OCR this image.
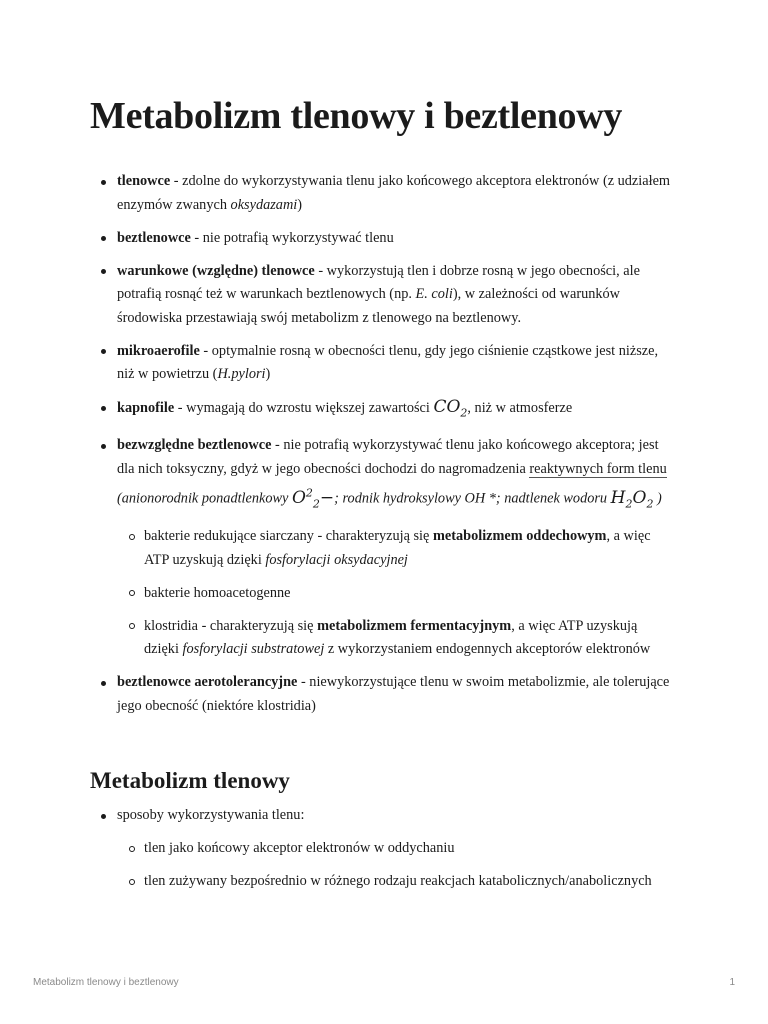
Metabolizm tlenowy i beztlenowy
tlenowce - zdolne do wykorzystywania tlenu jako końcowego akceptora elektronów (z udziałem enzymów zwanych oksydazami)
beztlenowce - nie potrafią wykorzystywać tlenu
warunkowe (względne) tlenowce - wykorzystują tlen i dobrze rosną w jego obecności, ale potrafią rosnąć też w warunkach beztlenowych (np. E. coli), w zależności od warunków środowiska przestawiają swój metabolizm z tlenowego na beztlenowy.
mikroaerofile - optymalnie rosną w obecności tlenu, gdy jego ciśnienie cząstkowe jest niższe, niż w powietrzu (H.pylori)
kapnofile - wymagają do wzrostu większej zawartości $CO_2$, niż w atmosferze
bezwzględne beztlenowce - nie potrafią wykorzystywać tlenu jako końcowego akceptora; jest dla nich toksyczny, gdyż w jego obecności dochodzi do nagromadzenia reaktywnych form tlenu (anionorodnik ponadtlenkowy $O^2_2-$; rodnik hydroksylowy OH *; nadtlenek wodoru $H_2O_2$ )
bakterie redukujące siarczany - charakteryzują się metabolizmem oddechowym, a więc ATP uzyskują dzięki fosforylacji oksydacyjnej
bakterie homoacetogenne
klostridia - charakteryzują się metabolizmem fermentacyjnym, a więc ATP uzyskują dzięki fosforylacji substratowej z wykorzystaniem endogennych akceptorów elektronów
beztlenowce aerotolerancyjne - niewykorzystujące tlenu w swoim metabolizmie, ale tolerujące jego obecność (niektóre klostridia)
Metabolizm tlenowy
sposoby wykorzystywania tlenu:
tlen jako końcowy akceptor elektronów w oddychaniu
tlen zużywany bezpośrednio w różnego rodzaju reakcjach katabolicznych/anabolicznych
Metabolizm tlenowy i beztlenowy	1
